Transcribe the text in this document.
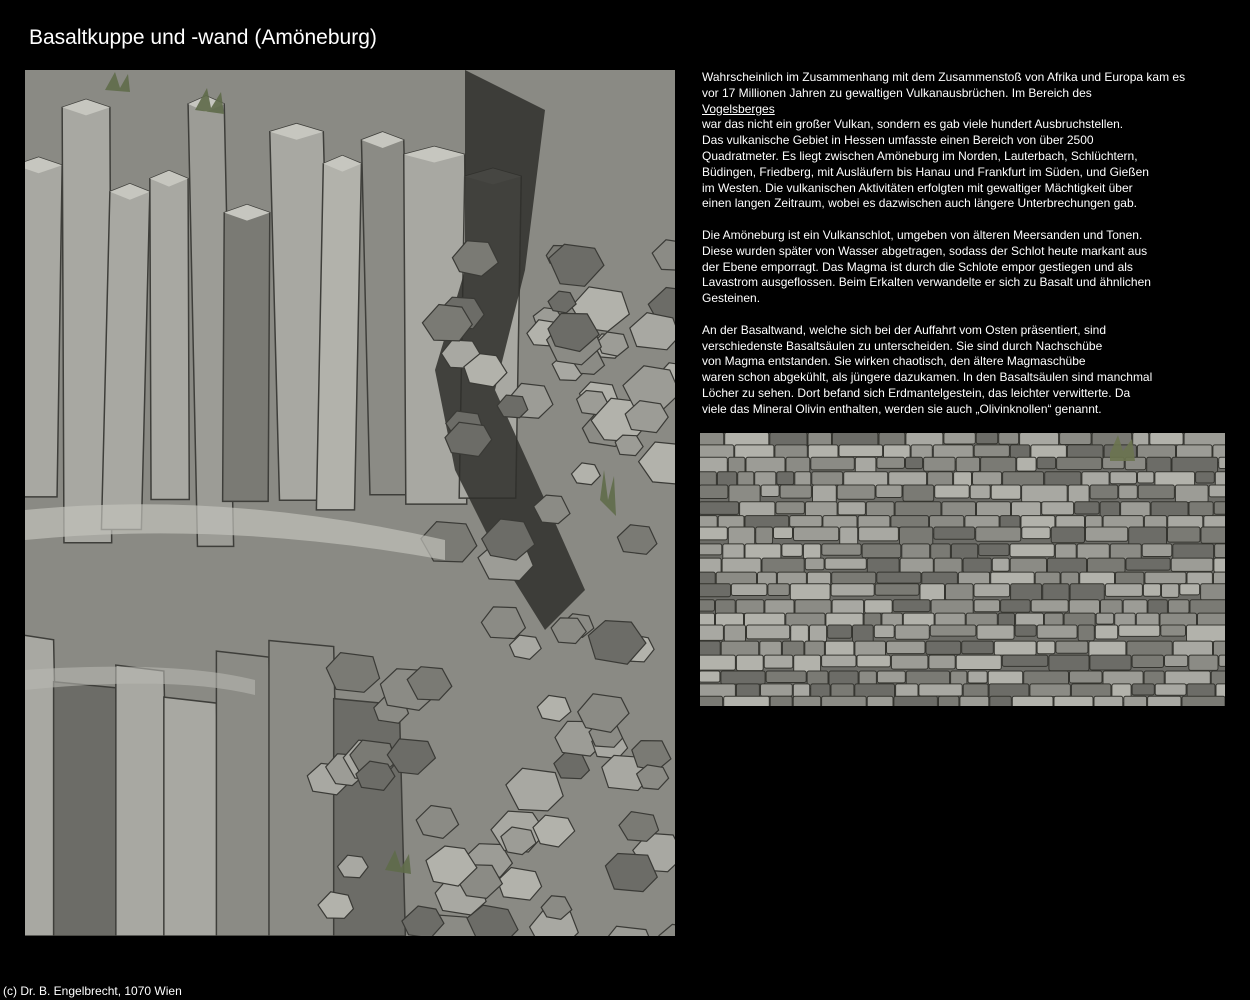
Basaltkuppe und -wand (Amöneburg)

Wahrscheinlich im Zusammenhang mit dem Zusammenstoß von Afrika und Europa kam es
vor 17 Millionen Jahren zu gewaltigen Vulkanausbrüchen. Im Bereich des
Vogelsberges
war das nicht ein großer Vulkan, sondern es gab viele hundert Ausbruchstellen.
Das vulkanische Gebiet in Hessen umfasste einen Bereich von über 2500
Quadratmeter. Es liegt zwischen Amöneburg im Norden, Lauterbach, Schlüchtern,
Büdingen, Friedberg, mit Ausläufern bis Hanau und Frankfurt im Süden, und Gießen
im Westen. Die vulkanischen Aktivitäten erfolgten mit gewaltiger Mächtigkeit über
einen langen Zeitraum, wobei es dazwischen auch längere Unterbrechungen gab.

Die Amöneburg ist ein Vulkanschlot, umgeben von älteren Meersanden und Tonen.
Diese wurden später von Wasser abgetragen, sodass der Schlot heute markant aus
der Ebene emporragt. Das Magma ist durch die Schlote empor gestiegen und als
Lavastrom ausgeflossen. Beim Erkalten verwandelte er sich zu Basalt und ähnlichen
Gesteinen.

An der Basaltwand, welche sich bei der Auffahrt vom Osten präsentiert, sind
verschiedenste Basaltsäulen zu unterscheiden. Sie sind durch Nachschübe
von Magma entstanden. Sie wirken chaotisch, den ältere Magmaschübe
waren schon abgekühlt, als jüngere dazukamen. In den Basaltsäulen sind manchmal
Löcher zu sehen. Dort befand sich Erdmantelgestein, das leichter verwitterte. Da
viele das Mineral Olivin enthalten, werden sie auch „Olivinknollen“ genannt.

(c) Dr. B. Engelbrecht, 1070 Wien
